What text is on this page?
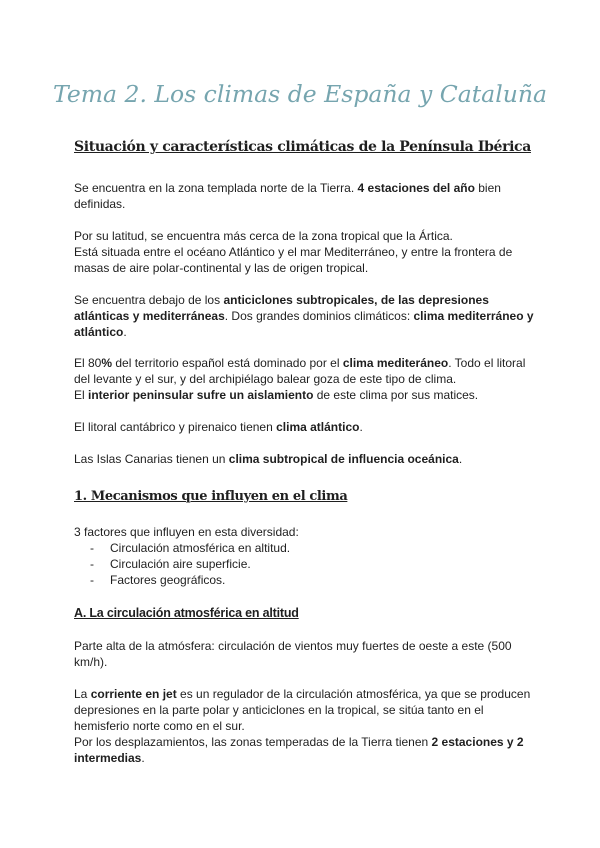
Tema 2. Los climas de España y Cataluña
Situación y características climáticas de la Península Ibérica

Se encuentra en la zona templada norte de la Tierra. 4 estaciones del año bien definidas.

Por su latitud, se encuentra más cerca de la zona tropical que la Ártica.
Está situada entre el océano Atlántico y el mar Mediterráneo, y entre la frontera de masas de aire polar-continental y las de origen tropical.

Se encuentra debajo de los anticiclones subtropicales, de las depresiones atlánticas y mediterráneas. Dos grandes dominios climáticos: clima mediterráneo y atlántico.

El 80% del territorio español está dominado por el clima mediteráneo. Todo el litoral del levante y el sur, y del archipiélago balear goza de este tipo de clima.
El interior peninsular sufre un aislamiento de este clima por sus matices.

El litoral cantábrico y pirenaico tienen clima atlántico.

Las Islas Canarias tienen un clima subtropical de influencia oceánica.

1. Mecanismos que influyen en el clima

3 factores que influyen en esta diversidad:

- Circulación atmosférica en altitud.
- Circulación aire superficie.
- Factores geográficos.
A. La circulación atmosférica en altitud

Parte alta de la atmósfera: circulación de vientos muy fuertes de oeste a este (500 km/h).

La corriente en jet es un regulador de la circulación atmosférica, ya que se producen depresiones en la parte polar y anticiclones en la tropical, se sitúa tanto en el hemisferio norte como en el sur.
Por los desplazamientos, las zonas temperadas de la Tierra tienen 2 estaciones y 2 intermedias.
